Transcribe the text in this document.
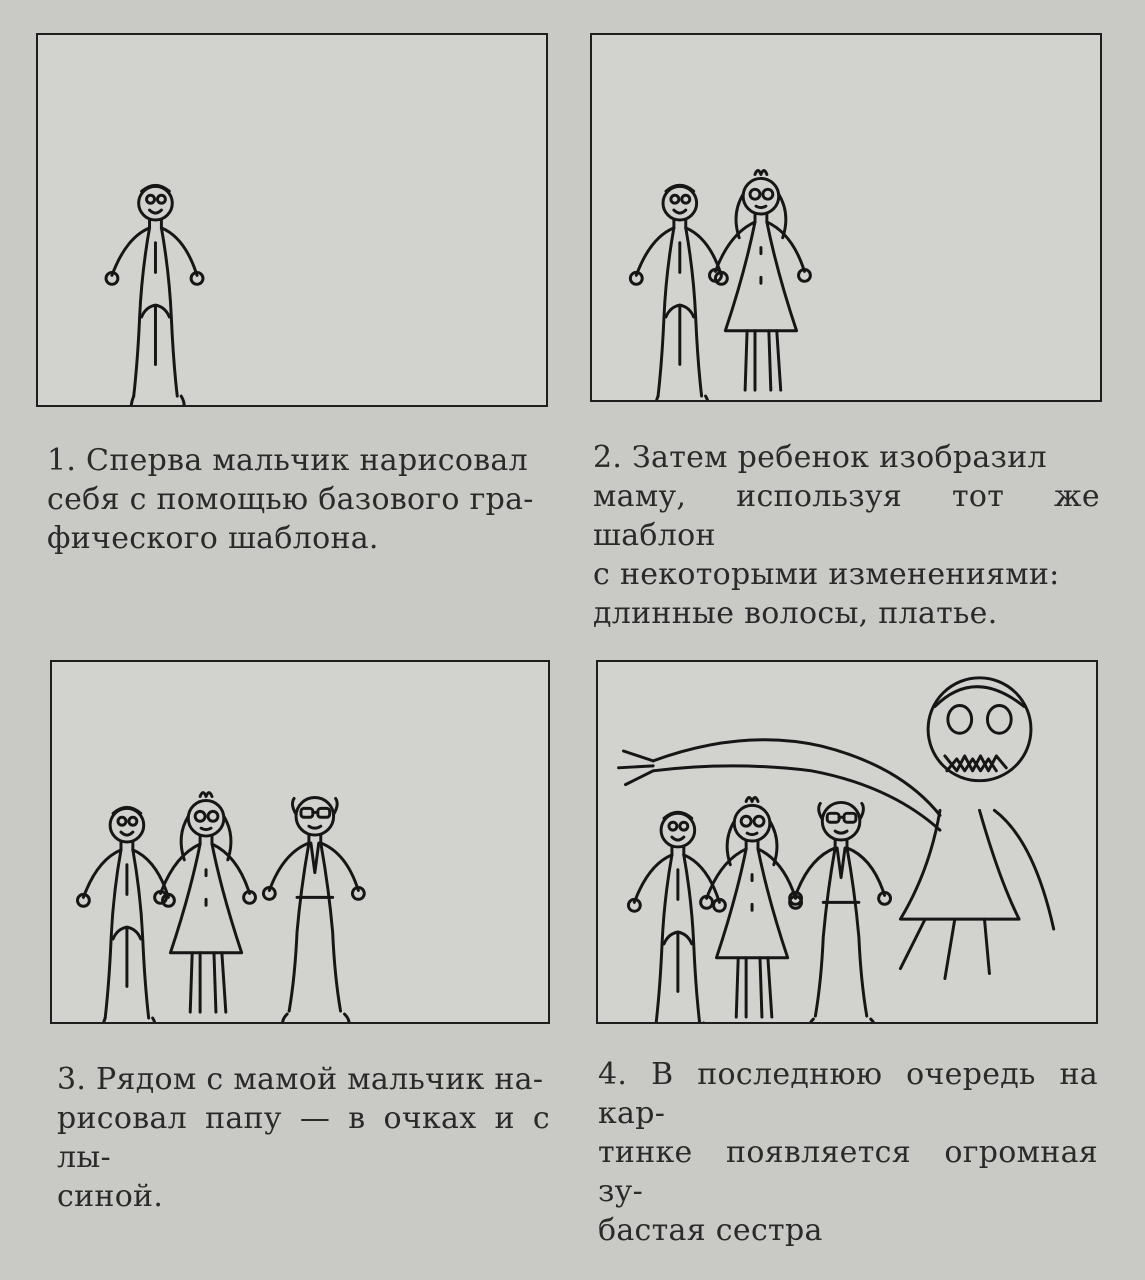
1. Сперва мальчик нарисовал
себя с помощью базового гра-
фического шаблона.
2. Затем ребенок изобразил
маму, используя тот же шаблон
с некоторыми изменениями:
длинные волосы, платье.
3. Рядом с мамой мальчик на-
рисовал папу — в очках и с лы-
синой.
4. В последнюю очередь на кар-
тинке появляется огромная зу-
бастая сестра
